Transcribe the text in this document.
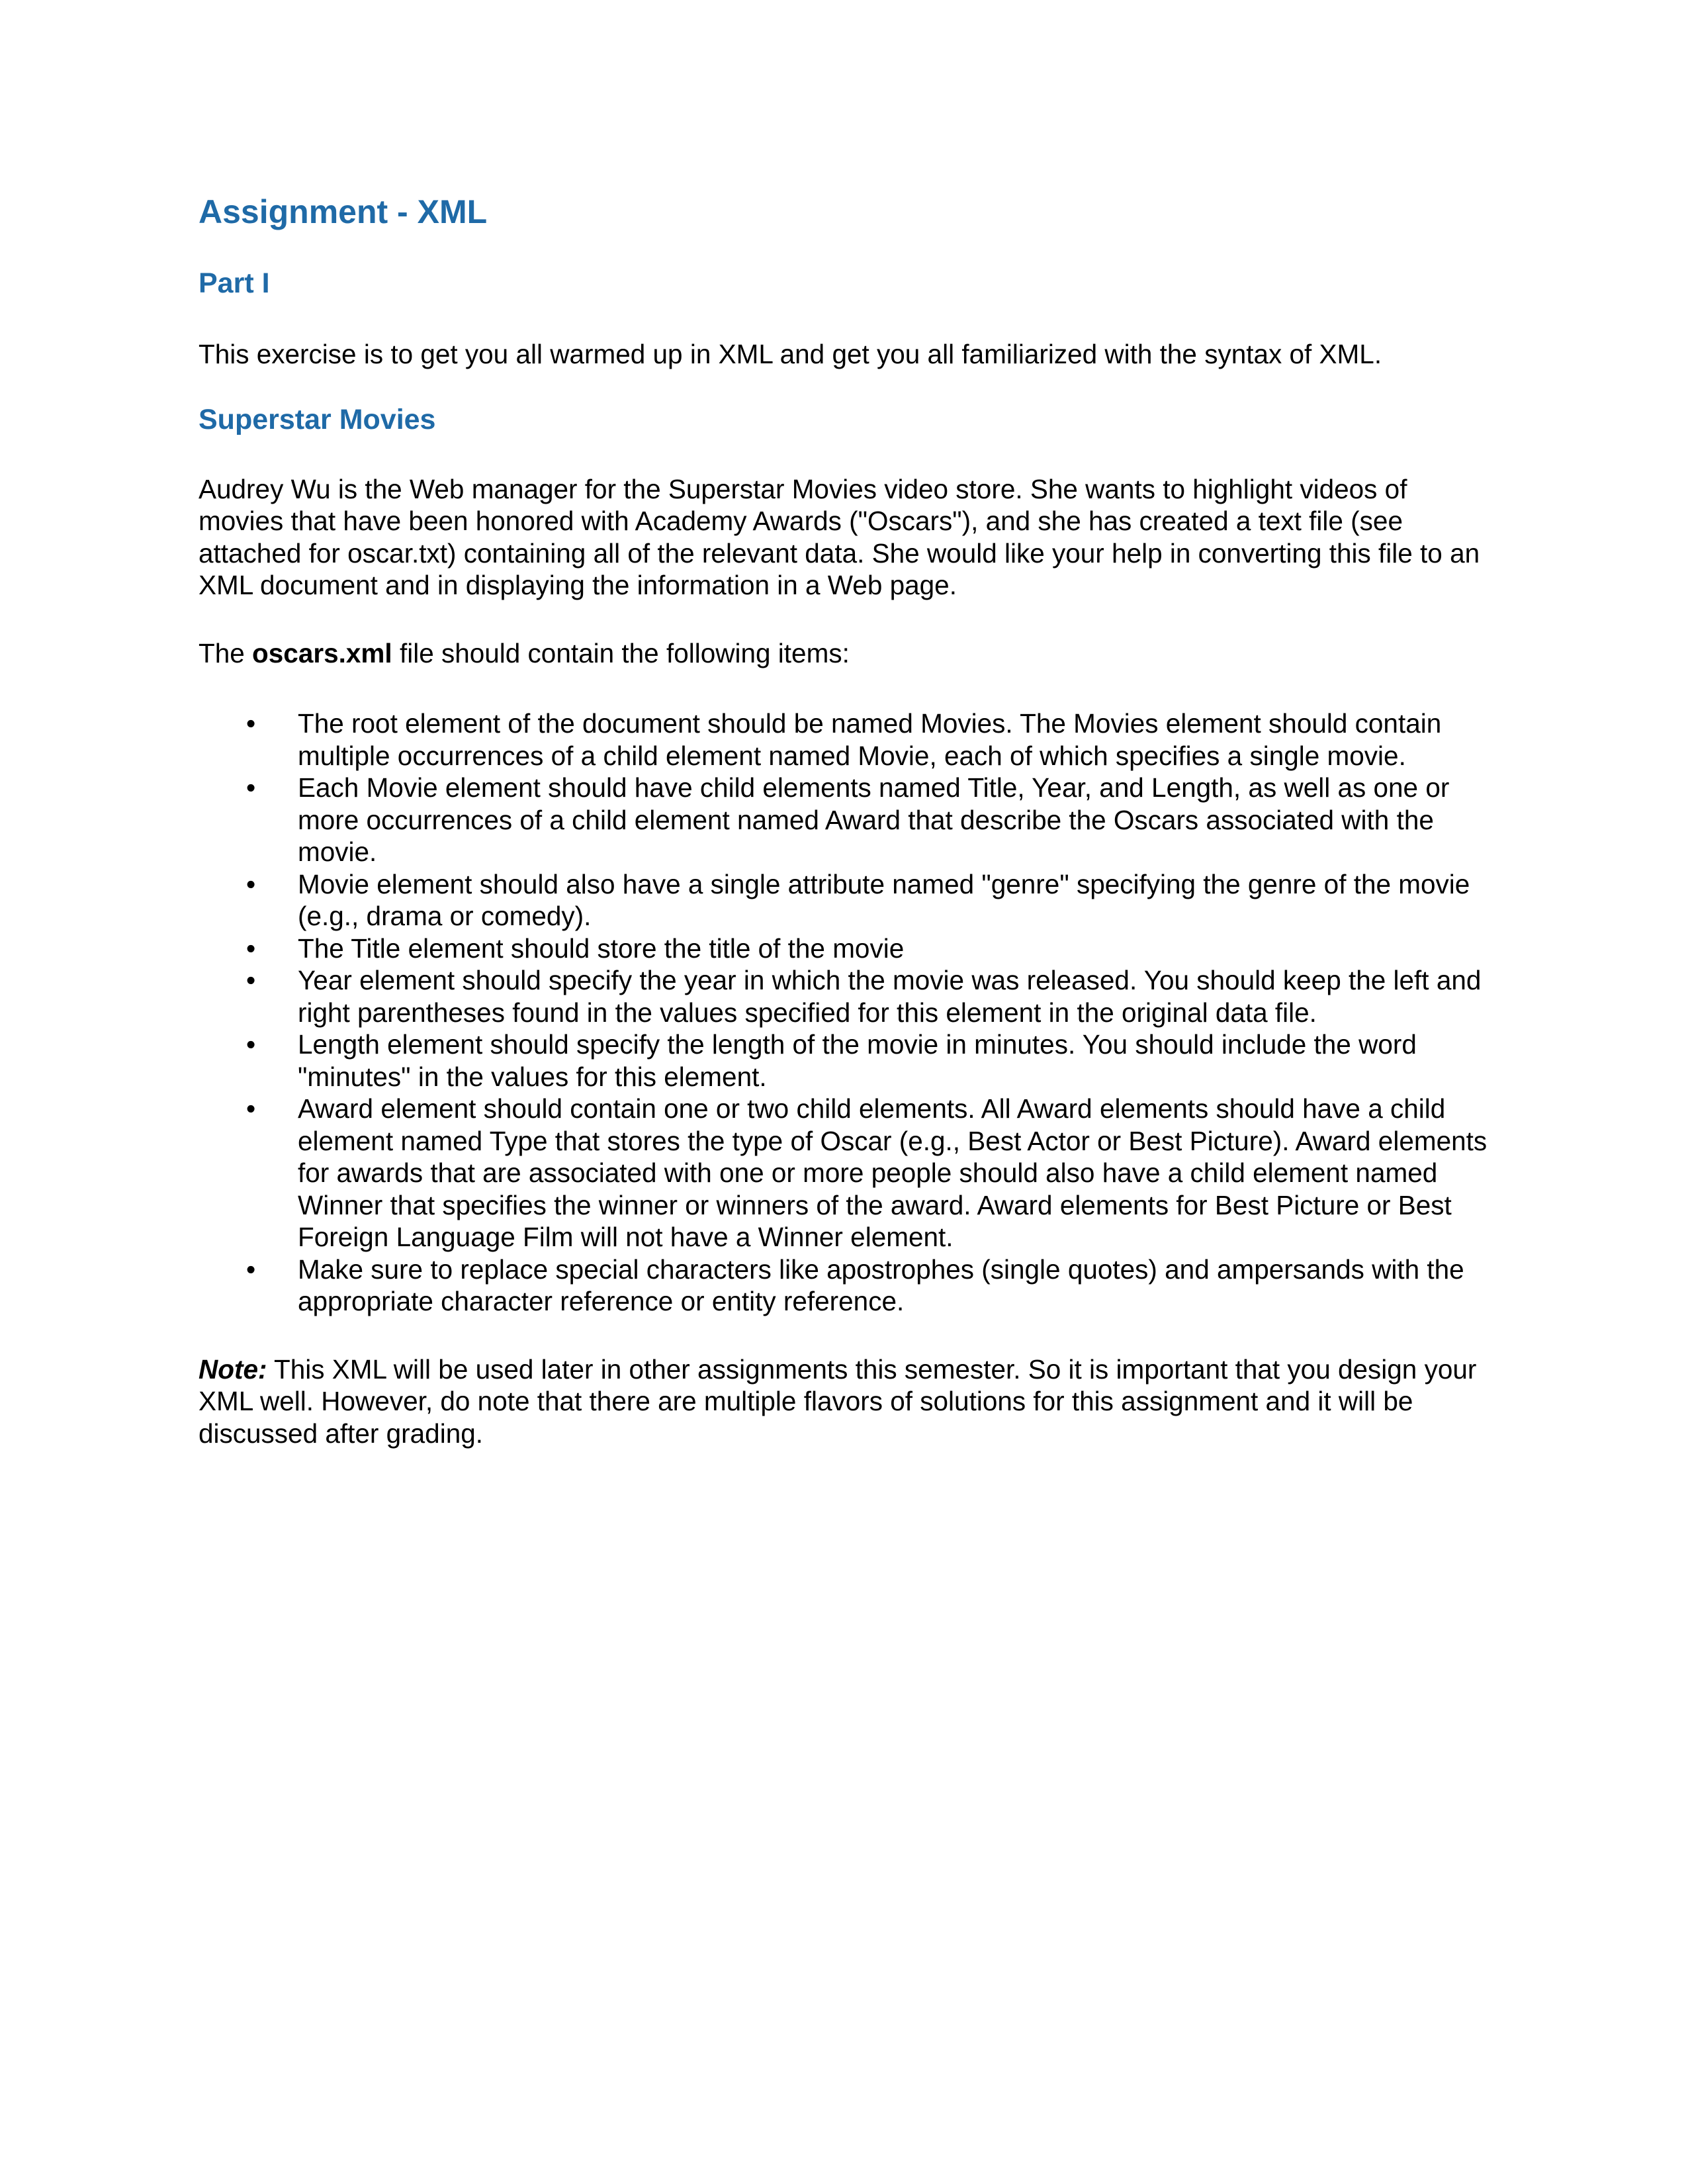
Assignment - XML
Part I

This exercise is to get you all warmed up in XML and get you all familiarized with the syntax of XML.

Superstar Movies

Audrey Wu is the Web manager for the Superstar Movies video store. She wants to highlight videos of movies that have been honored with Academy Awards ("Oscars"), and she has created a text file (see attached for oscar.txt) containing all of the relevant data. She would like your help in converting this file to an XML document and in displaying the information in a Web page.

The oscars.xml file should contain the following items:

• The root element of the document should be named Movies. The Movies element should contain multiple occurrences of a child element named Movie, each of which specifies a single movie.
• Each Movie element should have child elements named Title, Year, and Length, as well as one or more occurrences of a child element named Award that describe the Oscars associated with the movie.
• Movie element should also have a single attribute named "genre" specifying the genre of the movie (e.g., drama or comedy).
• The Title element should store the title of the movie
• Year element should specify the year in which the movie was released. You should keep the left and right parentheses found in the values specified for this element in the original data file.
• Length element should specify the length of the movie in minutes. You should include the word "minutes" in the values for this element.
• Award element should contain one or two child elements. All Award elements should have a child element named Type that stores the type of Oscar (e.g., Best Actor or Best Picture). Award elements for awards that are associated with one or more people should also have a child element named Winner that specifies the winner or winners of the award. Award elements for Best Picture or Best Foreign Language Film will not have a Winner element.
• Make sure to replace special characters like apostrophes (single quotes) and ampersands with the appropriate character reference or entity reference.

Note: This XML will be used later in other assignments this semester. So it is important that you design your XML well. However, do note that there are multiple flavors of solutions for this assignment and it will be discussed after grading.
